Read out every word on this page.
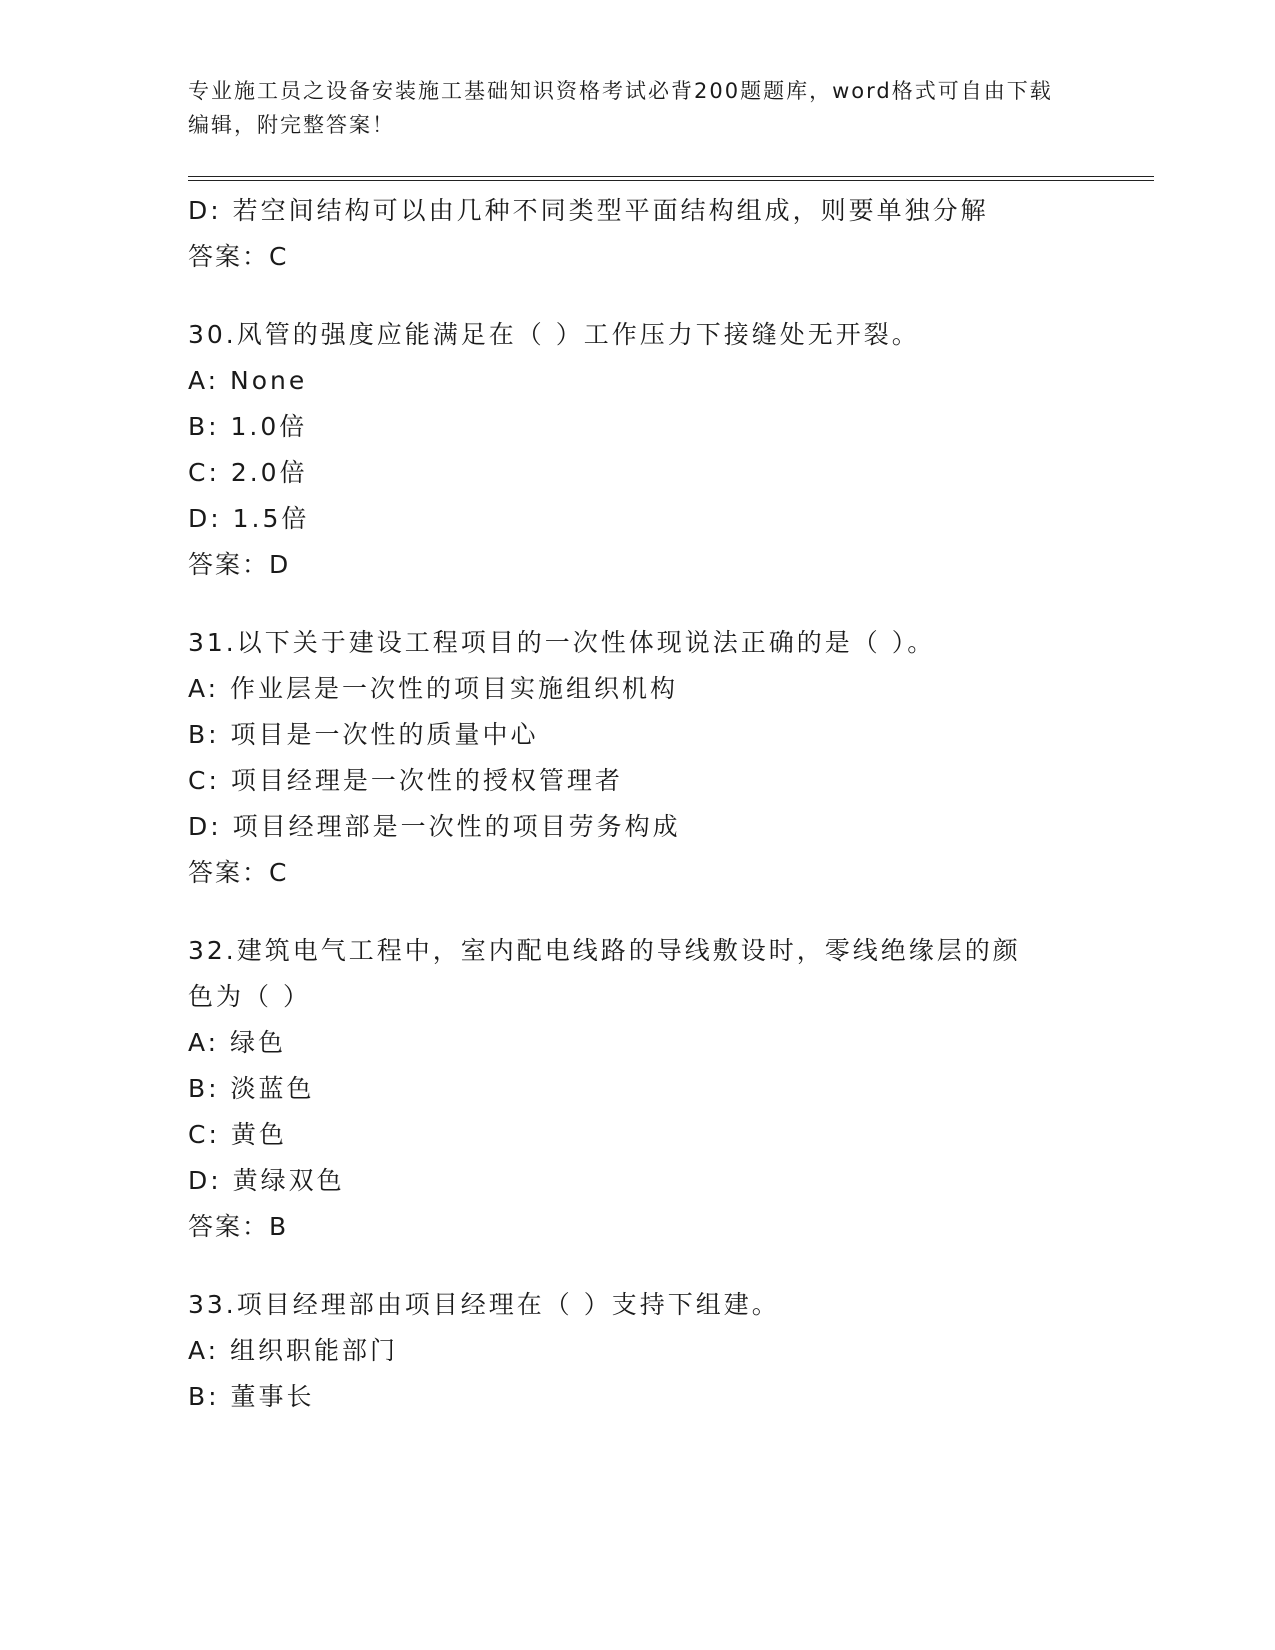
专业施工员之设备安装施工基础知识资格考试必背200题题库，word格式可自由下载编辑，附完整答案！
D: 若空间结构可以由几种不同类型平面结构组成，则要单独分解
答案：C
30.风管的强度应能满足在（ ）工作压力下接缝处无开裂。
A: None
B: 1.0倍
C: 2.0倍
D: 1.5倍
答案：D
31.以下关于建设工程项目的一次性体现说法正确的是（ ）。
A: 作业层是一次性的项目实施组织机构
B: 项目是一次性的质量中心
C: 项目经理是一次性的授权管理者
D: 项目经理部是一次性的项目劳务构成
答案：C
32.建筑电气工程中，室内配电线路的导线敷设时，零线绝缘层的颜色为（ ）
A: 绿色
B: 淡蓝色
C: 黄色
D: 黄绿双色
答案：B
33.项目经理部由项目经理在（ ）支持下组建。
A: 组织职能部门
B: 董事长
